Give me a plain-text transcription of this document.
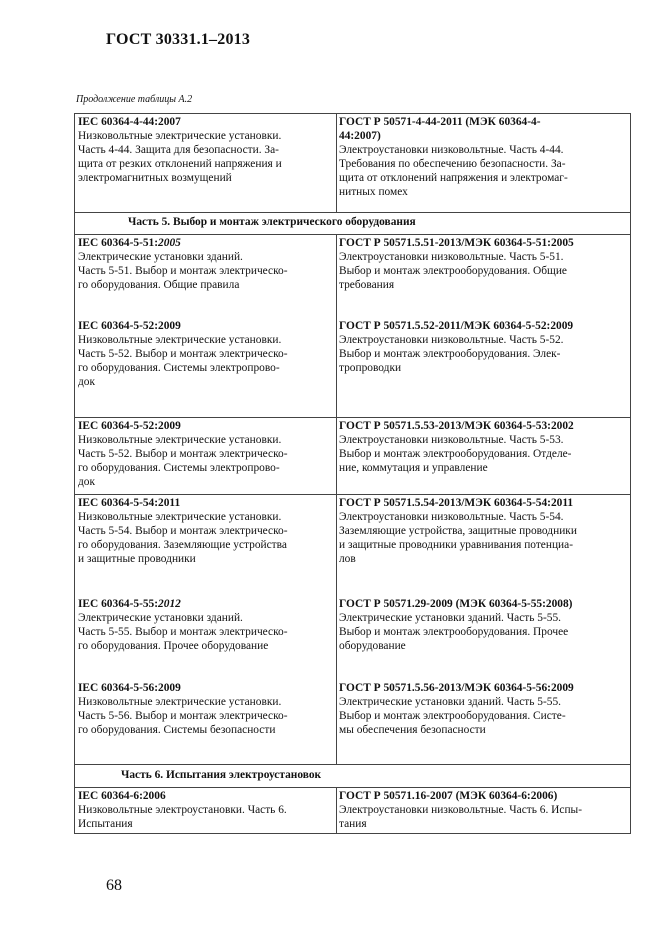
ГОСТ 30331.1–2013
Продолжение таблицы А.2
IEC 60364-4-44:2007
Низковольтные электрические установки.
Часть 4-44. Защита для безопасности. За-
щита от резких отклонений напряжения и
электромагнитных возмущений
ГОСТ Р 50571-4-44-2011 (МЭК 60364-4-
44:2007)
Электроустановки низковольтные. Часть 4-44.
Требования по обеспечению безопасности. За-
щита от отклонений напряжения и электромаг-
нитных помех
Часть 5. Выбор и монтаж электрического оборудования
IEC 60364-5-51:2005
Электрические установки зданий.
Часть 5-51. Выбор и монтаж электрическо-
го оборудования. Общие правила
ГОСТ Р 50571.5.51-2013/МЭК 60364-5-51:2005
Электроустановки низковольтные. Часть 5-51.
Выбор и монтаж электрооборудования. Общие
требования
IEC 60364-5-52:2009
Низковольтные электрические установки.
Часть 5-52. Выбор и монтаж электрическо-
го оборудования. Системы электропрово-
док
ГОСТ Р 50571.5.52-2011/МЭК 60364-5-52:2009
Электроустановки низковольтные. Часть 5-52.
Выбор и монтаж электрооборудования. Элек-
тропроводки
IEC 60364-5-52:2009
Низковольтные электрические установки.
Часть 5-52. Выбор и монтаж электрическо-
го оборудования. Системы электропрово-
док
ГОСТ Р 50571.5.53-2013/МЭК 60364-5-53:2002
Электроустановки низковольтные. Часть 5-53.
Выбор и монтаж электрооборудования. Отделе-
ние, коммутация и управление
IEC 60364-5-54:2011
Низковольтные электрические установки.
Часть 5-54. Выбор и монтаж электрическо-
го оборудования. Заземляющие устройства
и защитные проводники
ГОСТ Р 50571.5.54-2013/МЭК 60364-5-54:2011
Электроустановки низковольтные. Часть 5-54.
Заземляющие устройства, защитные проводники
и защитные проводники уравнивания потенциа-
лов
IEC 60364-5-55:2012
Электрические установки зданий.
Часть 5-55. Выбор и монтаж электрическо-
го оборудования. Прочее оборудование
ГОСТ Р 50571.29-2009 (МЭК 60364-5-55:2008)
Электрические установки зданий. Часть 5-55.
Выбор и монтаж электрооборудования. Прочее
оборудование
IEC 60364-5-56:2009
Низковольтные электрические установки.
Часть 5-56. Выбор и монтаж электрическо-
го оборудования. Системы безопасности
ГОСТ Р 50571.5.56-2013/МЭК 60364-5-56:2009
Электрические установки зданий. Часть 5-55.
Выбор и монтаж электрооборудования. Систе-
мы обеспечения безопасности
Часть 6. Испытания электроустановок
IEC 60364-6:2006
Низковольтные электроустановки. Часть 6.
Испытания
ГОСТ Р 50571.16-2007 (МЭК 60364-6:2006)
Электроустановки низковольтные. Часть 6. Испы-
тания
68
